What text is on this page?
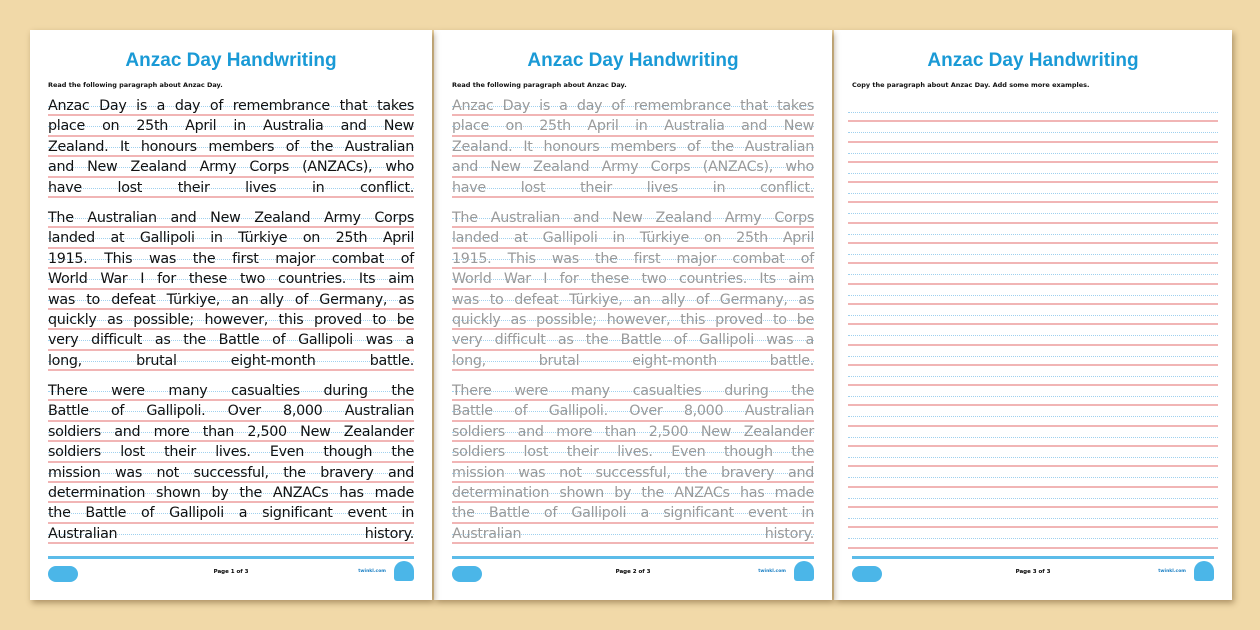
Anzac Day Handwriting
Read the following paragraph about Anzac Day.
Anzac Day is a day of remembrance that takes
place on 25th April in Australia and New
Zealand. It honours members of the Australian
and New Zealand Army Corps (ANZACs), who
have lost their lives in conflict.
The Australian and New Zealand Army Corps
landed at Gallipoli in Türkiye on 25th April
1915. This was the first major combat of
World War I for these two countries. Its aim
was to defeat Türkiye, an ally of Germany, as
quickly as possible; however, this proved to be
very difficult as the Battle of Gallipoli was a
long, brutal eight-month battle.
There were many casualties during the
Battle of Gallipoli. Over 8,000 Australian
soldiers and more than 2,500 New Zealander
soldiers lost their lives. Even though the
mission was not successful, the bravery and
determination shown by the ANZACs has made
the Battle of Gallipoli a significant event in
Australian history.
Page 1 of 3	twinkl.com
Anzac Day Handwriting
Read the following paragraph about Anzac Day.
Anzac Day is a day of remembrance that takes
place on 25th April in Australia and New
Zealand. It honours members of the Australian
and New Zealand Army Corps (ANZACs), who
have lost their lives in conflict.
The Australian and New Zealand Army Corps
landed at Gallipoli in Türkiye on 25th April
1915. This was the first major combat of
World War I for these two countries. Its aim
was to defeat Türkiye, an ally of Germany, as
quickly as possible; however, this proved to be
very difficult as the Battle of Gallipoli was a
long, brutal eight-month battle.
There were many casualties during the
Battle of Gallipoli. Over 8,000 Australian
soldiers and more than 2,500 New Zealander
soldiers lost their lives. Even though the
mission was not successful, the bravery and
determination shown by the ANZACs has made
the Battle of Gallipoli a significant event in
Australian history.
Page 2 of 3	twinkl.com
Anzac Day Handwriting
Copy the paragraph about Anzac Day. Add some more examples.
Page 3 of 3	twinkl.com
